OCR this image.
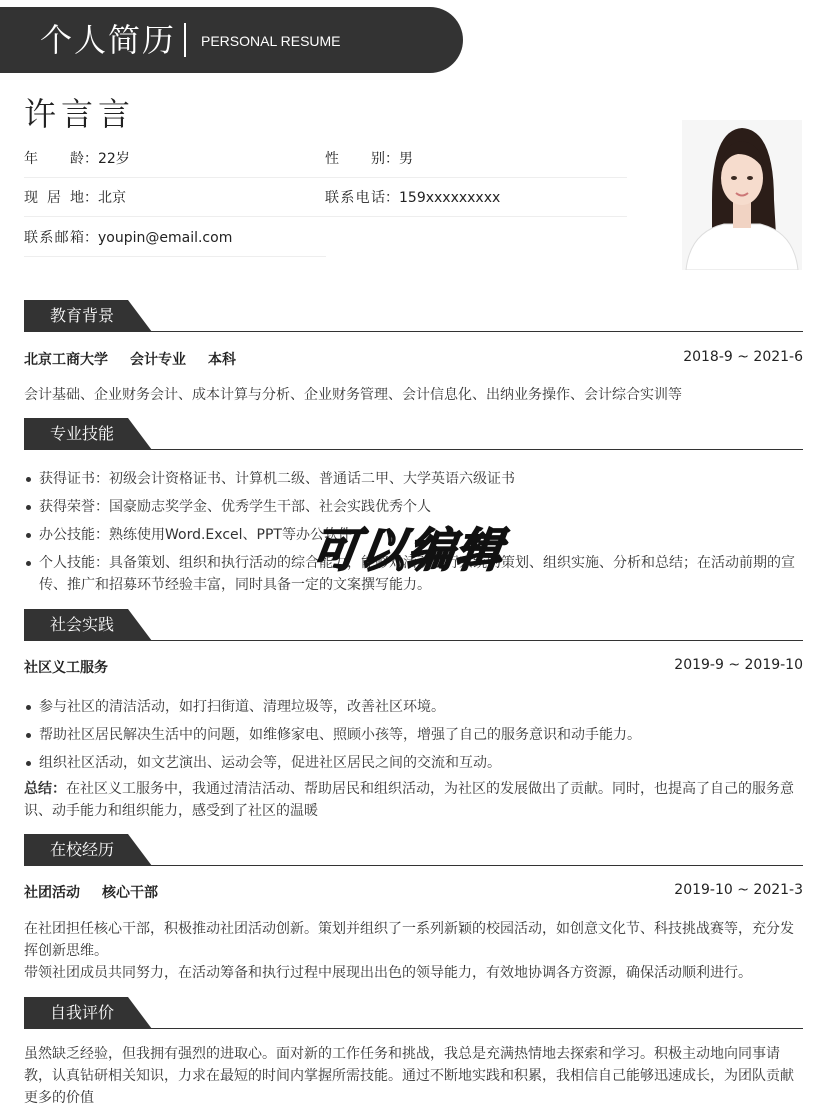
个人简历 PERSONAL RESUME
许言言
年龄：22岁	性别：男
现居地：北京	联系电话：159xxxxxxxxx
联系邮箱：youpin@email.com
教育背景
北京工商大学 会计专业 本科	2018-9 ~ 2021-6
会计基础、企业财务会计、成本计算与分析、企业财务管理、会计信息化、出纳业务操作、会计综合实训等
专业技能
获得证书：初级会计资格证书、计算机二级、普通话二甲、大学英语六级证书
获得荣誉：国豪励志奖学金、优秀学生干部、社会实践优秀个人
办公技能：熟练使用Word.Excel、PPT等办公软件
个人技能：具备策划、组织和执行活动的综合能力，能够对活动进行系统的策划、组织实施、分析和总结；在活动前期的宣传、推广和招募环节经验丰富，同时具备一定的文案撰写能力。
社会实践
社区义工服务	2019-9 ~ 2019-10
参与社区的清洁活动，如打扫街道、清理垃圾等，改善社区环境。
帮助社区居民解决生活中的问题，如维修家电、照顾小孩等，增强了自己的服务意识和动手能力。
组织社区活动，如文艺演出、运动会等，促进社区居民之间的交流和互动。
总结：在社区义工服务中，我通过清洁活动、帮助居民和组织活动，为社区的发展做出了贡献。同时，也提高了自己的服务意识、动手能力和组织能力，感受到了社区的温暖
在校经历
社团活动 核心干部	2019-10 ~ 2021-3
在社团担任核心干部，积极推动社团活动创新。策划并组织了一系列新颖的校园活动，如创意文化节、科技挑战赛等，充分发挥创新思维。
带领社团成员共同努力，在活动筹备和执行过程中展现出出色的领导能力，有效地协调各方资源，确保活动顺利进行。
自我评价
虽然缺乏经验，但我拥有强烈的进取心。面对新的工作任务和挑战，我总是充满热情地去探索和学习。积极主动地向同事请教，认真钻研相关知识，力求在最短的时间内掌握所需技能。通过不断地实践和积累，我相信自己能够迅速成长，为团队贡献更多的价值
可以编辑
